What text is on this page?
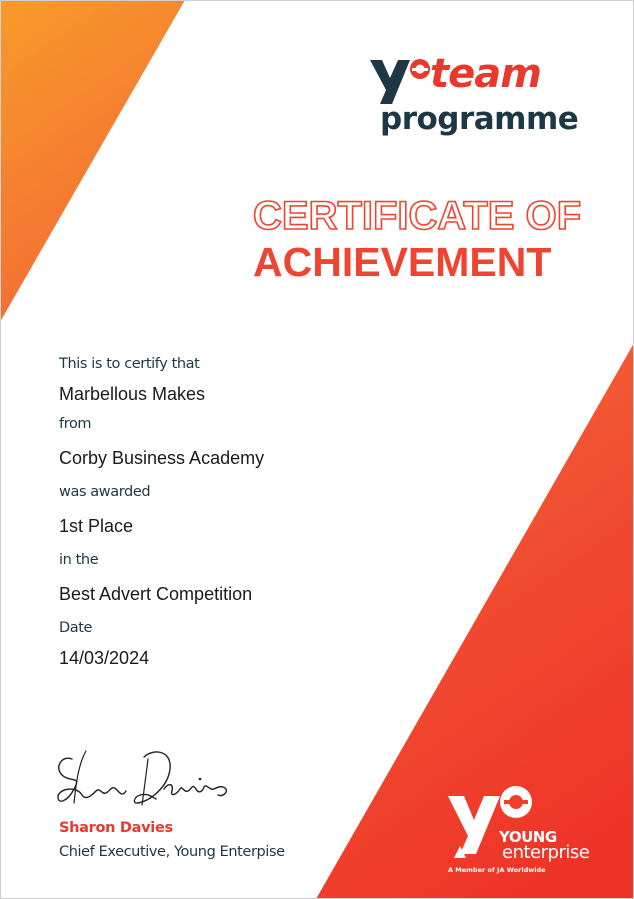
team
programme
CERTIFICATE OF
ACHIEVEMENT
This is to certify that
Marbellous Makes
from
Corby Business Academy
was awarded
1st Place
in the
Best Advert Competition
Date
14/03/2024
Sharon Davies
Chief Executive, Young Enterpise
YOUNG
enterprise
A Member of JA Worldwide
